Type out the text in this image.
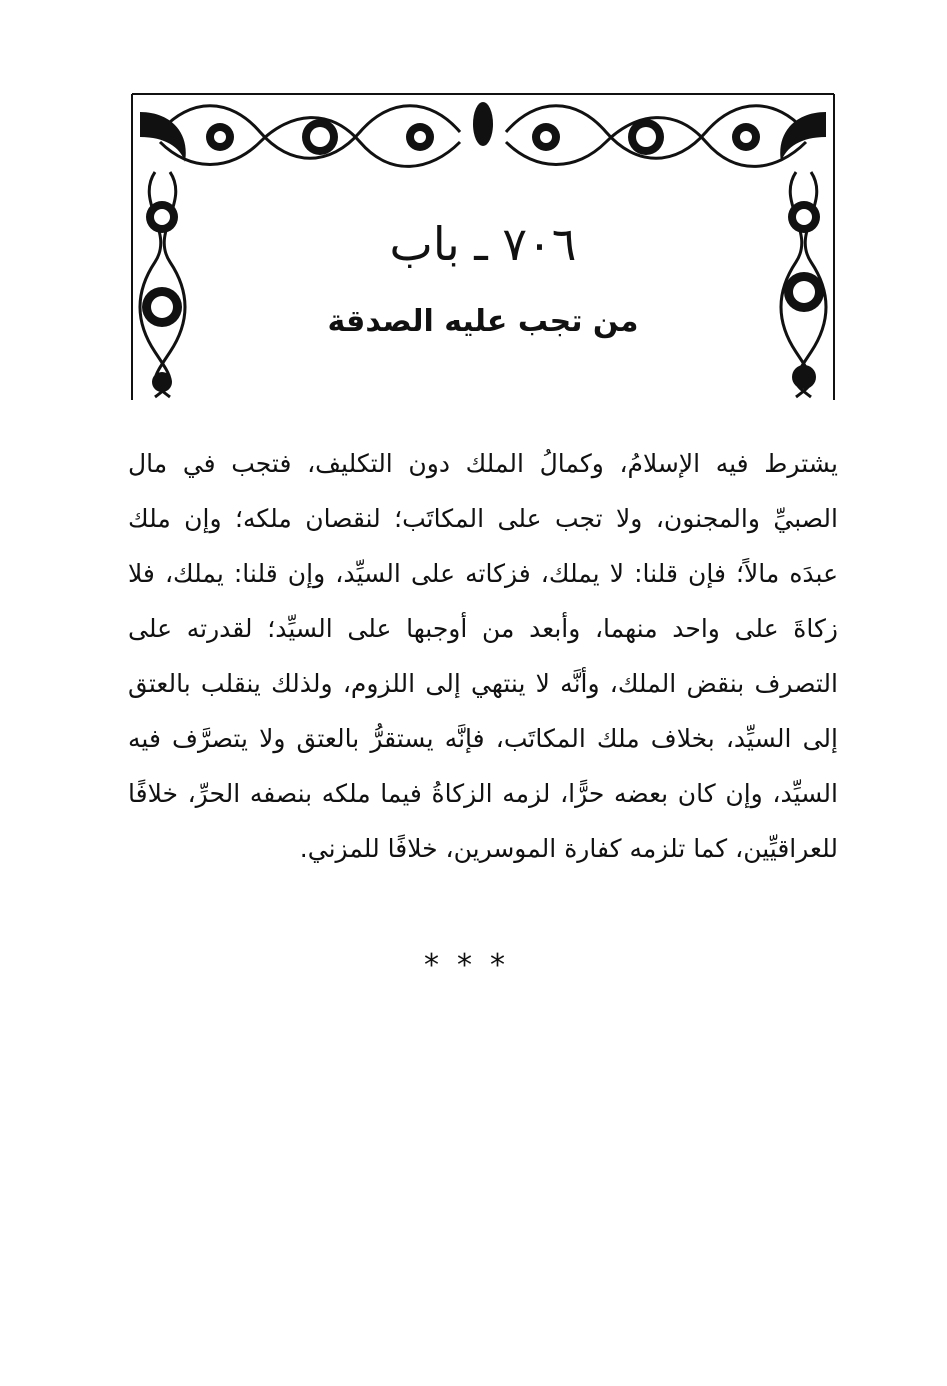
٧٠٦ ـ باب
من تجب عليه الصدقة

يشترط فيه الإسلامُ، وكمالُ الملك دون التكليف، فتجب في مال الصبيِّ والمجنون، ولا تجب على المكاتَب؛ لنقصان ملكه؛ وإن ملك عبدَه مالاً؛ فإن قلنا: لا يملك، فزكاته على السيِّد، وإن قلنا: يملك، فلا زكاةَ على واحد منهما، وأبعد من أوجبها على السيِّد؛ لقدرته على التصرف بنقض الملك، وأنَّه لا ينتهي إلى اللزوم، ولذلك ينقلب بالعتق إلى السيِّد، بخلاف ملك المكاتَب، فإنَّه يستقرُّ بالعتق ولا يتصرَّف فيه السيِّد، وإن كان بعضه حرًّا، لزمه الزكاةُ فيما ملكه بنصفه الحرِّ، خلافًا للعراقيِّين، كما تلزمه كفارة الموسرين، خلافًا للمزني.

***
